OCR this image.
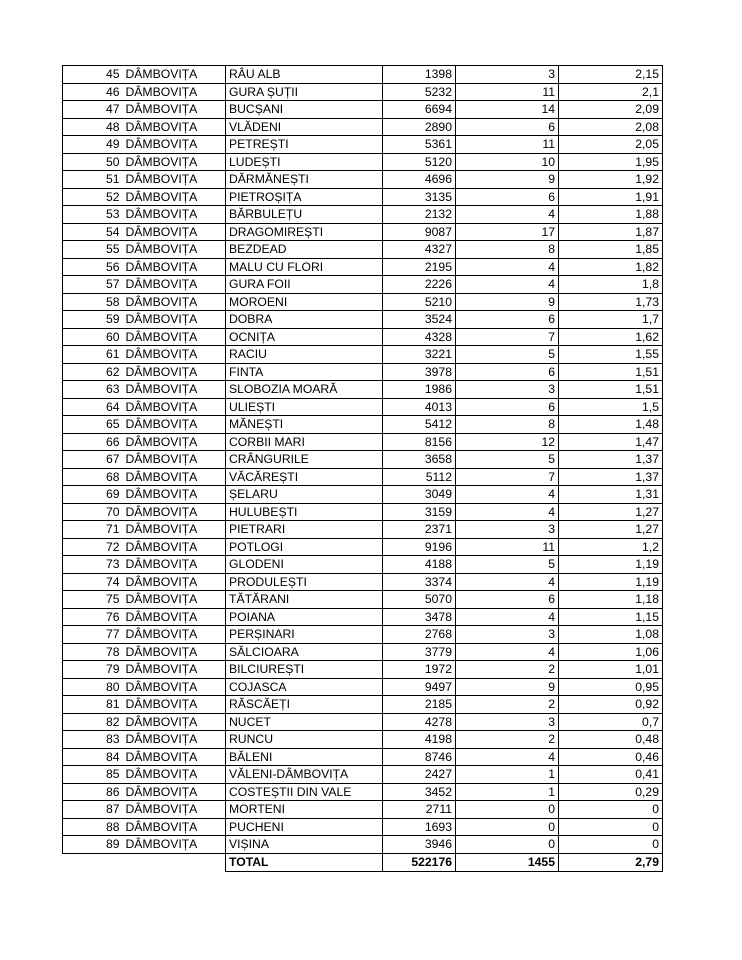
45	DÂMBOVIȚA	RÂU ALB	1398	3	2,15
46	DÂMBOVIȚA	GURA ȘUȚII	5232	11	2,1
47	DÂMBOVIȚA	BUCȘANI	6694	14	2,09
48	DÂMBOVIȚA	VLĂDENI	2890	6	2,08
49	DÂMBOVIȚA	PETREȘTI	5361	11	2,05
50	DÂMBOVIȚA	LUDEȘTI	5120	10	1,95
51	DÂMBOVIȚA	DĂRMĂNEȘTI	4696	9	1,92
52	DÂMBOVIȚA	PIETROȘIȚA	3135	6	1,91
53	DÂMBOVIȚA	BĂRBULEȚU	2132	4	1,88
54	DÂMBOVIȚA	DRAGOMIREȘTI	9087	17	1,87
55	DÂMBOVIȚA	BEZDEAD	4327	8	1,85
56	DÂMBOVIȚA	MALU CU FLORI	2195	4	1,82
57	DÂMBOVIȚA	GURA FOII	2226	4	1,8
58	DÂMBOVIȚA	MOROENI	5210	9	1,73
59	DÂMBOVIȚA	DOBRA	3524	6	1,7
60	DÂMBOVIȚA	OCNIȚA	4328	7	1,62
61	DÂMBOVIȚA	RACIU	3221	5	1,55
62	DÂMBOVIȚA	FINTA	3978	6	1,51
63	DÂMBOVIȚA	SLOBOZIA MOARĂ	1986	3	1,51
64	DÂMBOVIȚA	ULIEȘTI	4013	6	1,5
65	DÂMBOVIȚA	MĂNEȘTI	5412	8	1,48
66	DÂMBOVIȚA	CORBII MARI	8156	12	1,47
67	DÂMBOVIȚA	CRÂNGURILE	3658	5	1,37
68	DÂMBOVIȚA	VĂCĂREȘTI	5112	7	1,37
69	DÂMBOVIȚA	ȘELARU	3049	4	1,31
70	DÂMBOVIȚA	HULUBEȘTI	3159	4	1,27
71	DÂMBOVIȚA	PIETRARI	2371	3	1,27
72	DÂMBOVIȚA	POTLOGI	9196	11	1,2
73	DÂMBOVIȚA	GLODENI	4188	5	1,19
74	DÂMBOVIȚA	PRODULEȘTI	3374	4	1,19
75	DÂMBOVIȚA	TĂTĂRANI	5070	6	1,18
76	DÂMBOVIȚA	POIANA	3478	4	1,15
77	DÂMBOVIȚA	PERȘINARI	2768	3	1,08
78	DÂMBOVIȚA	SĂLCIOARA	3779	4	1,06
79	DÂMBOVIȚA	BILCIUREȘTI	1972	2	1,01
80	DÂMBOVIȚA	COJASCA	9497	9	0,95
81	DÂMBOVIȚA	RĂSCĂEȚI	2185	2	0,92
82	DÂMBOVIȚA	NUCET	4278	3	0,7
83	DÂMBOVIȚA	RUNCU	4198	2	0,48
84	DÂMBOVIȚA	BĂLENI	8746	4	0,46
85	DÂMBOVIȚA	VĂLENI-DÂMBOVIȚA	2427	1	0,41
86	DÂMBOVIȚA	COSTEȘTII DIN VALE	3452	1	0,29
87	DÂMBOVIȚA	MORTENI	2711	0	0
88	DÂMBOVIȚA	PUCHENI	1693	0	0
89	DÂMBOVIȚA	VIȘINA	3946	0	0
		TOTAL	522176	1455	2,79
